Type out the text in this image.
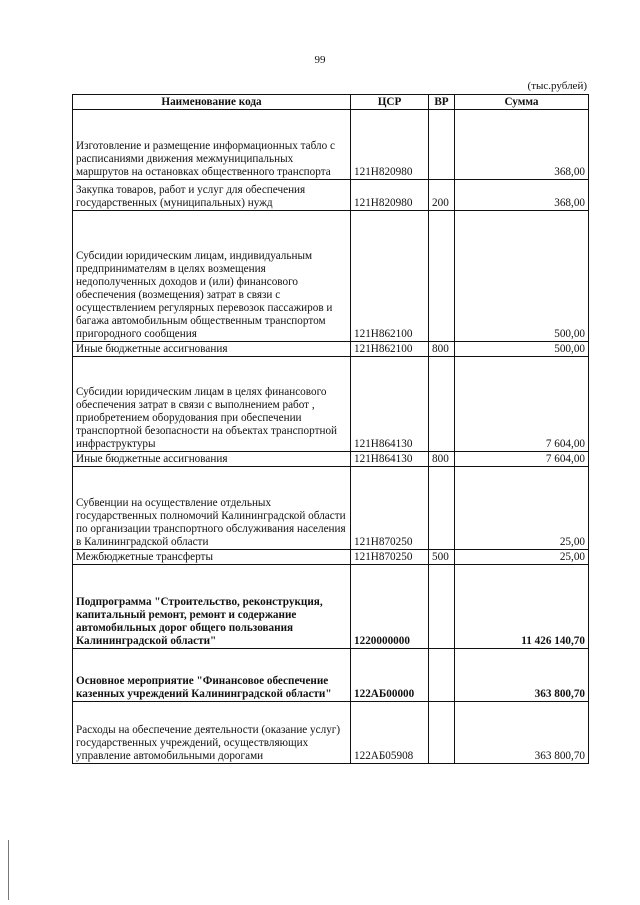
99
(тыс.рублей)
Наименование кода	ЦСР	ВР	Сумма
Изготовление и размещение информационных табло с расписаниями движения межмуниципальных маршрутов на остановках общественного транспорта	121Н820980		368,00
Закупка товаров, работ и услуг для обеспечения государственных (муниципальных) нужд	121Н820980	200	368,00
Субсидии юридическим лицам, индивидуальным предпринимателям в целях возмещения недополученных доходов и (или) финансового обеспечения (возмещения) затрат в связи с осуществлением регулярных перевозок пассажиров и багажа автомобильным общественным транспортом пригородного сообщения	121Н862100		500,00
Иные бюджетные ассигнования	121Н862100	800	500,00
Субсидии юридическим лицам в целях финансового обеспечения затрат в связи с выполнением работ , приобретением оборудования при обеспечении транспортной безопасности на объектах транспортной инфраструктуры	121Н864130		7 604,00
Иные бюджетные ассигнования	121Н864130	800	7 604,00
Субвенции на осуществление отдельных государственных полномочий Калининградской области по организации транспортного обслуживания населения в Калининградской области	121Н870250		25,00
Межбюджетные трансферты	121Н870250	500	25,00
Подпрограмма "Строительство, реконструкция, капитальный ремонт, ремонт и содержание автомобильных дорог общего пользования Калининградской области"	1220000000		11 426 140,70
Основное мероприятие "Финансовое обеспечение казенных учреждений Калининградской области"	122АБ00000		363 800,70
Расходы на обеспечение деятельности (оказание услуг) государственных учреждений, осуществляющих управление автомобильными дорогами	122АБ05908		363 800,70
